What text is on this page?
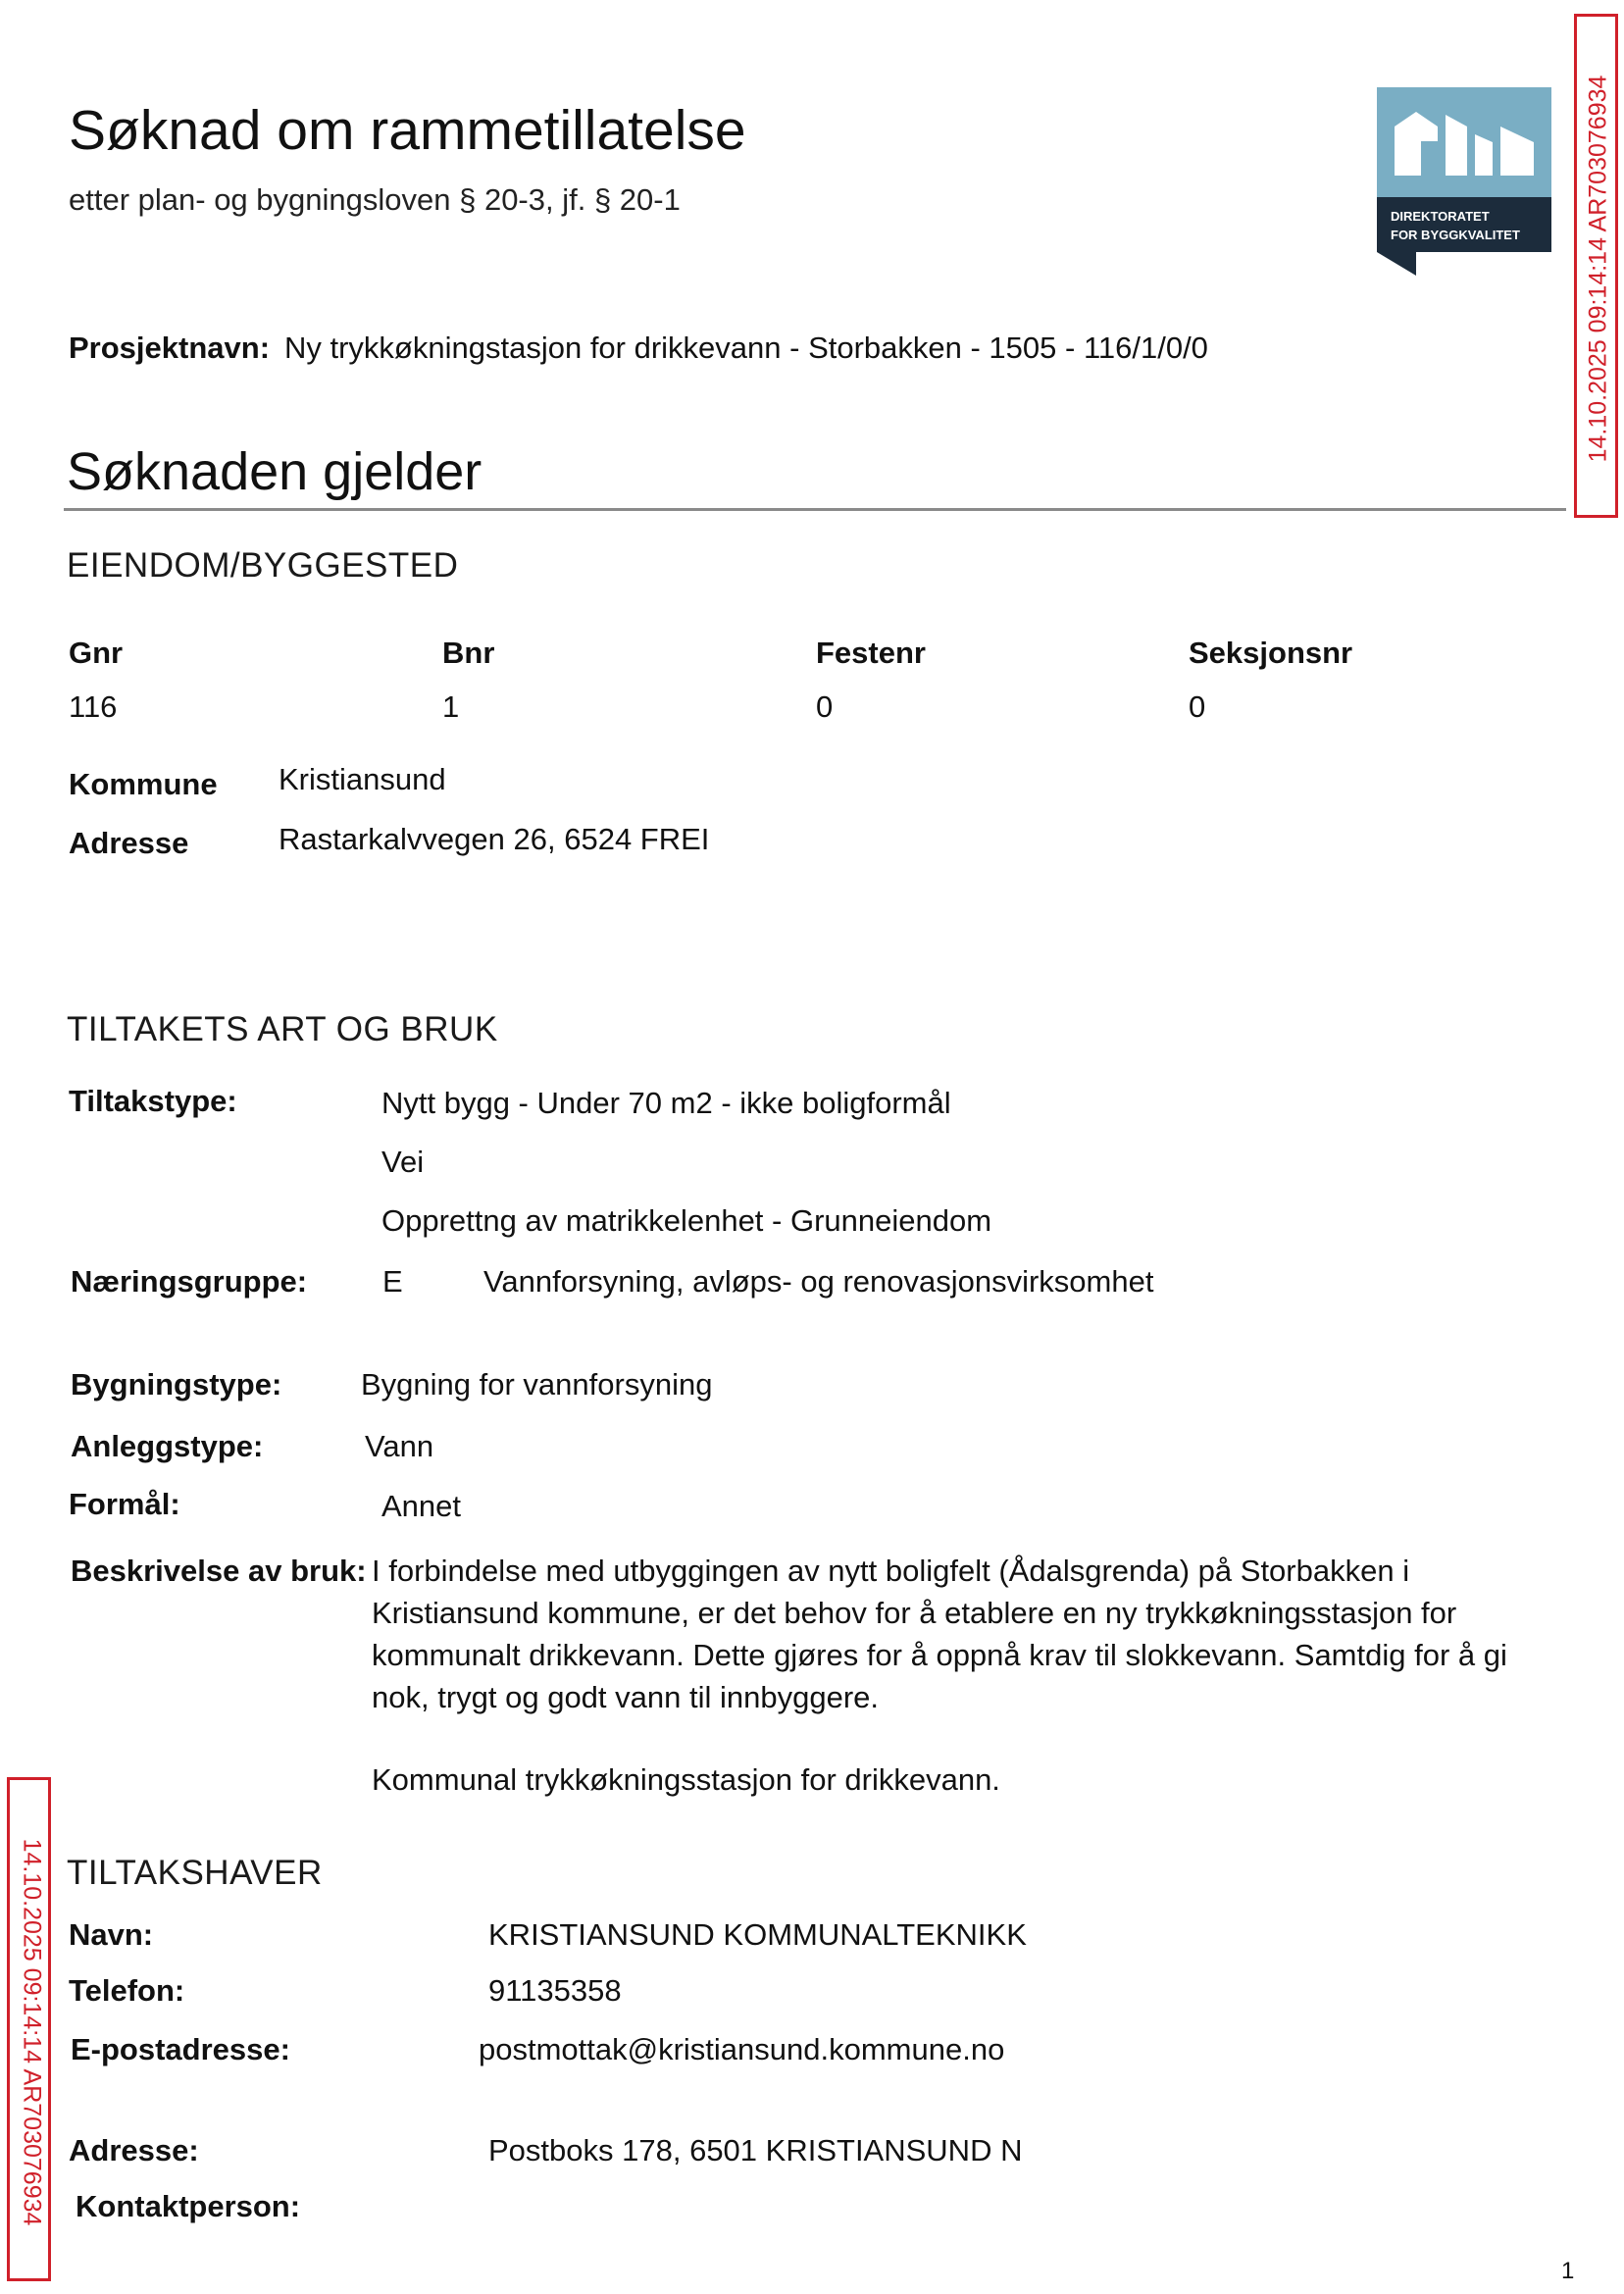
Søknad om rammetillatelse
etter plan- og bygningsloven § 20-3, jf. § 20-1	DIREKTORATET
FOR BYGGKVALITET
Prosjektnavn: Ny trykkøkningstasjon for drikkevann - Storbakken - 1505 - 116/1/0/0
Søknaden gjelder
EIENDOM/BYGGESTED
Gnr	Bnr	Festenr	Seksjonsnr
116	1	0	0
Kommune Kristiansund
Adresse	Rastarkalvvegen 26, 6524 FREI
TILTAKETS ART OG BRUK
Tiltakstype:	Nytt bygg - Under 70 m2 - ikke boligformål
Vei
Opprettng av matrikkelenhet - Grunneiendom
Næringsgruppe: E	Vannforsyning, avløps- og renovasjonsvirksomhet
Bygningstype:	Bygning for vannforsyning
Anleggstype:	Vann
Formål:	Annet
Beskrivelse av bruk: I forbindelse med utbyggingen av nytt boligfelt (Ådalsgrenda) på Storbakken i Kristiansund kommune, er det behov for å etablere en ny trykkøkningsstasjon for kommunalt drikkevann. Dette gjøres for å oppnå krav til slokkevann. Samtdig for å gi nok, trygt og godt vann til innbyggere.
Kommunal trykkøkningsstasjon for drikkevann.
TILTAKSHAVER
Navn:	KRISTIANSUND KOMMUNALTEKNIKK
Telefon:	91135358
E-postadresse:	postmottak@kristiansund.kommune.no
Adresse:	Postboks 178, 6501 KRISTIANSUND N
Kontaktperson:
1
14.10.2025 09:14:14 AR703076934
14.10.2025 09:14:14 AR703076934
